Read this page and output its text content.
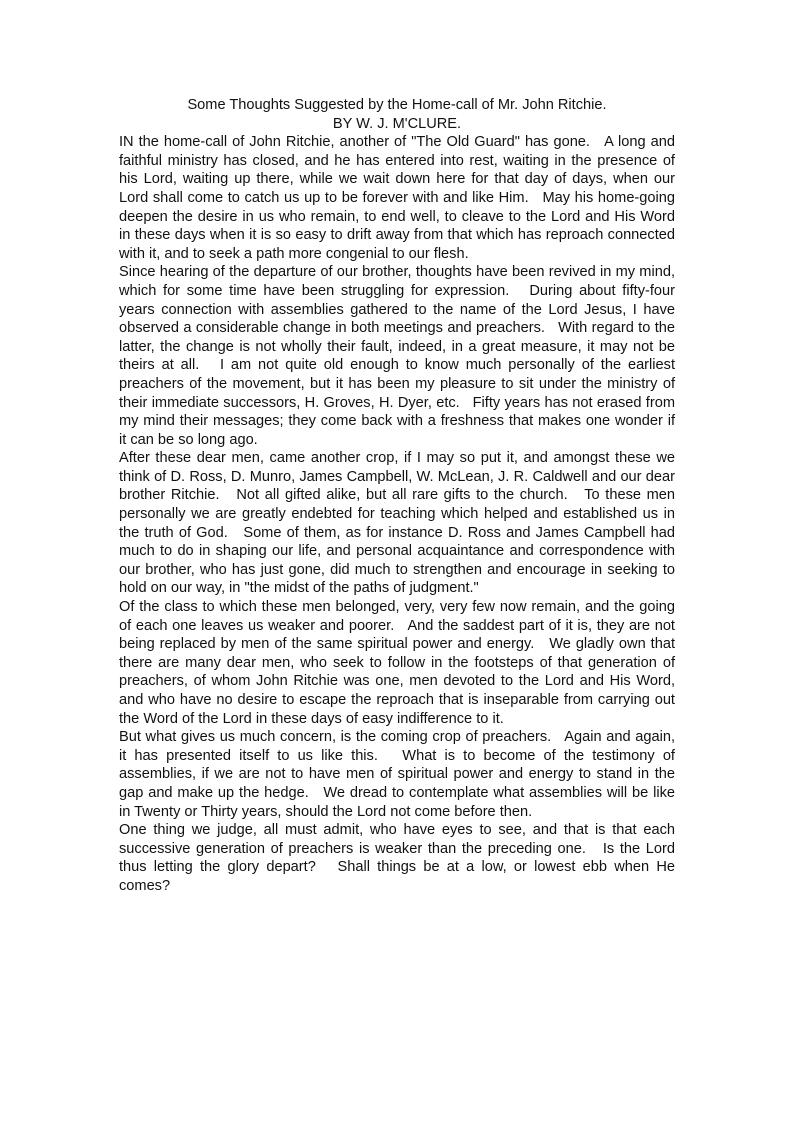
Some Thoughts Suggested by the Home-call of Mr. John Ritchie.
BY W. J. M'CLURE.

IN the home-call of John Ritchie, another of "The Old Guard" has gone.   A long and faithful ministry has closed, and he has entered into rest, waiting in the presence of his Lord, waiting up there, while we wait down here for that day of days, when our Lord shall come to catch us up to be forever with and like Him.   May his home-going deepen the desire in us who remain, to end well, to cleave to the Lord and His Word in these days when it is so easy to drift away from that which has reproach connected with it, and to seek a path more congenial to our flesh.

Since hearing of the departure of our brother, thoughts have been revived in my mind, which for some time have been struggling for expression.   During about fifty-four years connection with assemblies gathered to the name of the Lord Jesus, I have observed a considerable change in both meetings and preachers.   With regard to the latter, the change is not wholly their fault, indeed, in a great measure, it may not be theirs at all.   I am not quite old enough to know much personally of the earliest preachers of the movement, but it has been my pleasure to sit under the ministry of their immediate successors, H. Groves, H. Dyer, etc.   Fifty years has not erased from my mind their messages; they come back with a freshness that makes one wonder if it can be so long ago.

After these dear men, came another crop, if I may so put it, and amongst these we think of D. Ross, D. Munro, James Campbell, W. McLean, J. R. Caldwell and our dear brother Ritchie.   Not all gifted alike, but all rare gifts to the church.   To these men personally we are greatly endebted for teaching which helped and established us in the truth of God.   Some of them, as for instance D. Ross and James Campbell had much to do in shaping our life, and personal acquaintance and correspondence with our brother, who has just gone, did much to strengthen and encourage in seeking to hold on our way, in "the midst of the paths of judgment."

Of the class to which these men belonged, very, very few now remain, and the going of each one leaves us weaker and poorer.   And the saddest part of it is, they are not being replaced by men of the same spiritual power and energy.   We gladly own that there are many dear men, who seek to follow in the footsteps of that generation of preachers, of whom John Ritchie was one, men devoted to the Lord and His Word, and who have no desire to escape the reproach that is inseparable from carrying out the Word of the Lord in these days of easy indifference to it.

But what gives us much concern, is the coming crop of preachers.   Again and again, it has presented itself to us like this.   What is to become of the testimony of assemblies, if we are not to have men of spiritual power and energy to stand in the gap and make up the hedge.   We dread to contemplate what assemblies will be like in Twenty or Thirty years, should the Lord not come before then.

One thing we judge, all must admit, who have eyes to see, and that is that each successive generation of preachers is weaker than the preceding one.   Is the Lord thus letting the glory depart?   Shall things be at a low, or lowest ebb when He comes?
